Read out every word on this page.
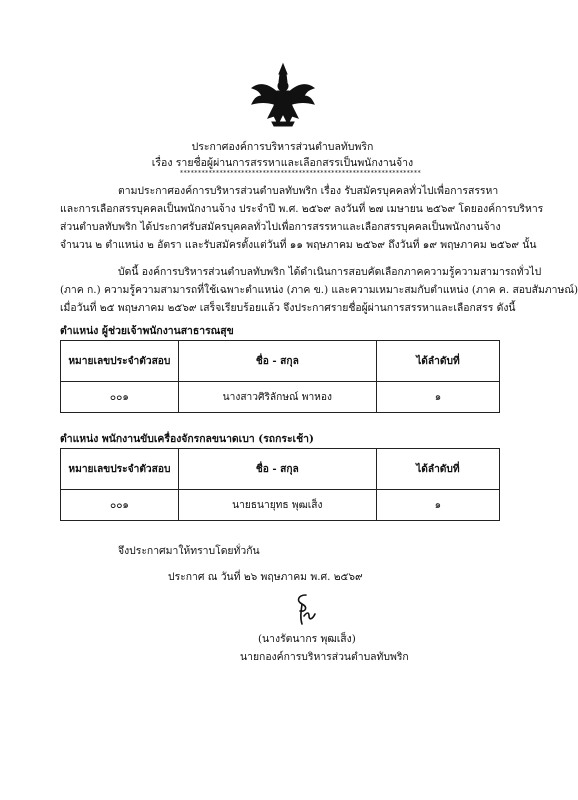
ประกาศองค์การบริหารส่วนตำบลทับพริก
เรื่อง รายชื่อผู้ผ่านการสรรหาและเลือกสรรเป็นพนักงานจ้าง
*******************************************************************
ตามประกาศองค์การบริหารส่วนตำบลทับพริก เรื่อง รับสมัครบุคคลทั่วไปเพื่อการสรรหา
และการเลือกสรรบุคคลเป็นพนักงานจ้าง ประจำปี พ.ศ. ๒๕๖๙ ลงวันที่ ๒๗ เมษายน ๒๕๖๙ โดยองค์การบริหาร
ส่วนตำบลทับพริก ได้ประกาศรับสมัครบุคคลทั่วไปเพื่อการสรรหาและเลือกสรรบุคคลเป็นพนักงานจ้าง
จำนวน ๒ ตำแหน่ง ๒ อัตรา และรับสมัครตั้งแต่วันที่ ๑๑ พฤษภาคม ๒๕๖๙ ถึงวันที่ ๑๙ พฤษภาคม ๒๕๖๙ นั้น
บัดนี้ องค์การบริหารส่วนตำบลทับพริก ได้ดำเนินการสอบคัดเลือกภาคความรู้ความสามารถทั่วไป
(ภาค ก.) ความรู้ความสามารถที่ใช้เฉพาะตำแหน่ง (ภาค ข.) และความเหมาะสมกับตำแหน่ง (ภาค ค. สอบสัมภาษณ์)
เมื่อวันที่ ๒๕ พฤษภาคม ๒๕๖๙ เสร็จเรียบร้อยแล้ว จึงประกาศรายชื่อผู้ผ่านการสรรหาและเลือกสรร ดังนี้
ตำแหน่ง ผู้ช่วยเจ้าพนักงานสาธารณสุข
หมายเลขประจำตัวสอบ	ชื่อ - สกุล	ได้ลำดับที่
๐๐๑	นางสาวศิริลักษณ์ พาหอง	๑
ตำแหน่ง พนักงานขับเครื่องจักรกลขนาดเบา (รถกระเช้า)
หมายเลขประจำตัวสอบ	ชื่อ - สกุล	ได้ลำดับที่
๐๐๑	นายธนายุทธ พุฒเส็ง	๑
จึงประกาศมาให้ทราบโดยทั่วกัน
ประกาศ ณ วันที่ ๒๖ พฤษภาคม พ.ศ. ๒๕๖๙
(นางรัตนากร พุฒเส็ง)
นายกองค์การบริหารส่วนตำบลทับพริก
